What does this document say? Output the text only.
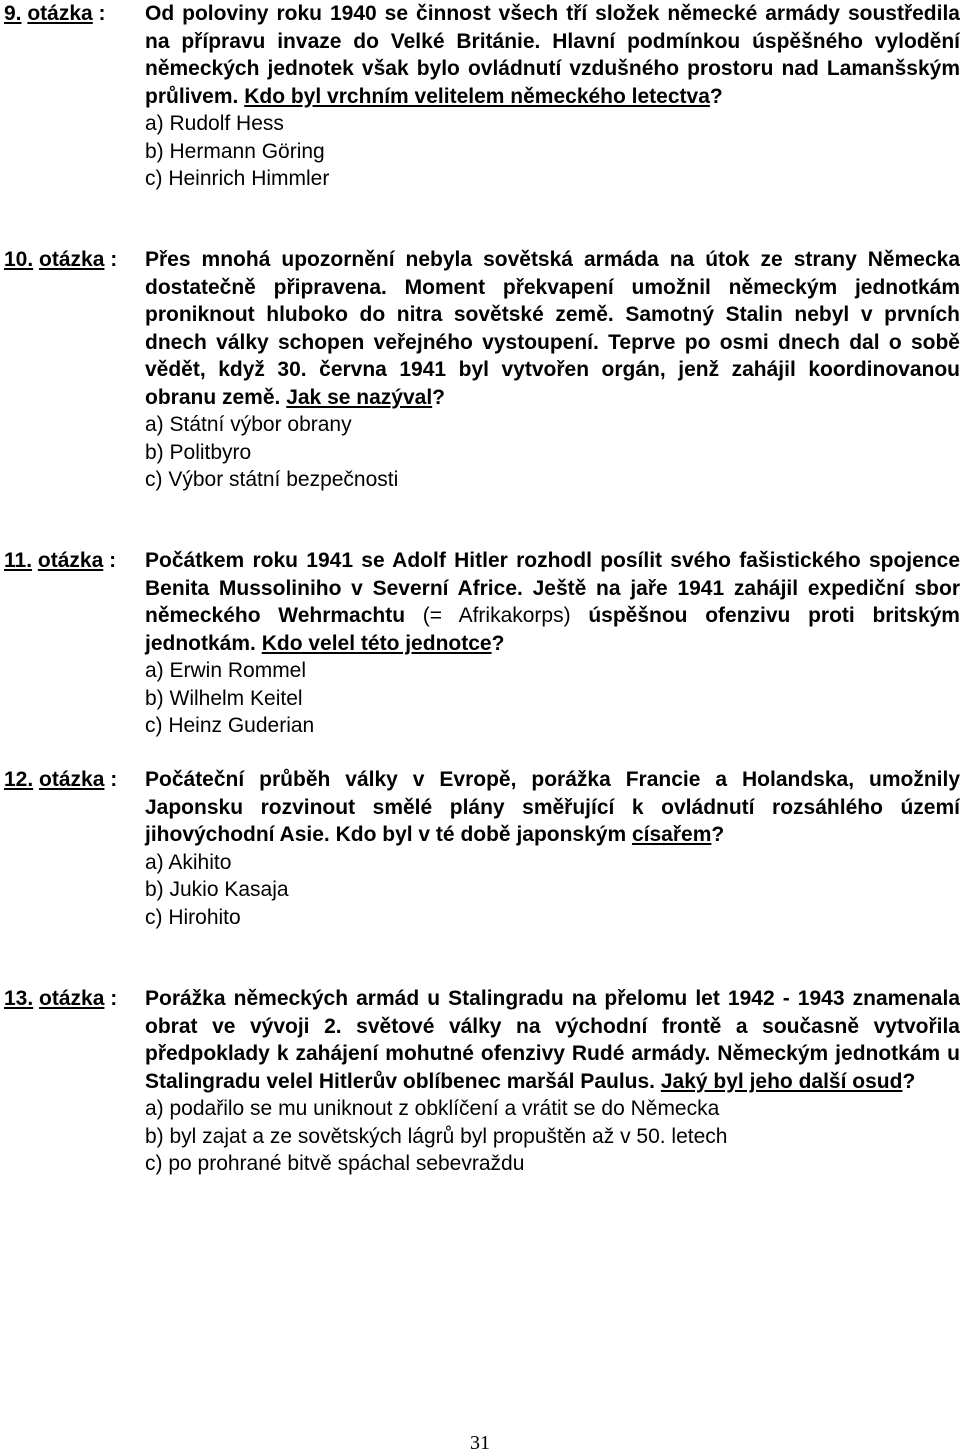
9. otázka :	Od poloviny roku 1940 se činnost všech tří složek německé armády soustředila na přípravu invaze do Velké Británie. Hlavní podmínkou úspěšného vylodění německých jednotek však bylo ovládnutí vzdušného prostoru nad Lamanšským průlivem. Kdo byl vrchním velitelem německého letectva?

a) Rudolf Hess
b) Hermann Göring
c) Heinrich Himmler
10. otázka :	Přes mnohá upozornění nebyla sovětská armáda na útok ze strany Německa dostatečně připravena. Moment překvapení umožnil německým jednotkám proniknout hluboko do nitra sovětské země. Samotný Stalin nebyl v prvních dnech války schopen veřejného vystoupení. Teprve po osmi dnech dal o sobě vědět, když 30. června 1941 byl vytvořen orgán, jenž zahájil koordinovanou obranu země. Jak se nazýval?

a) Státní výbor obrany
b) Politbyro
c) Výbor státní bezpečnosti
11. otázka :	Počátkem roku 1941 se Adolf Hitler rozhodl posílit svého fašistického spojence Benita Mussoliniho v Severní Africe. Ještě na jaře 1941 zahájil expediční sbor německého Wehrmachtu (= Afrikakorps) úspěšnou ofenzivu proti britským jednotkám. Kdo velel této jednotce?

a) Erwin Rommel
b) Wilhelm Keitel
c) Heinz Guderian
12. otázka :	Počáteční průběh války v Evropě, porážka Francie a Holandska, umožnily Japonsku rozvinout smělé plány směřující k ovládnutí rozsáhlého území jihovýchodní Asie. Kdo byl v té době japonským císařem?

a) Akihito
b) Jukio Kasaja
c) Hirohito
13. otázka :	Porážka německých armád u Stalingradu na přelomu let 1942 - 1943 znamenala obrat ve vývoji 2. světové války na východní frontě a současně vytvořila předpoklady k zahájení mohutné ofenzivy Rudé armády. Německým jednotkám u Stalingradu velel Hitlerův oblíbenec maršál Paulus. Jaký byl jeho další osud?

a) podařilo se mu uniknout z obklíčení a vrátit se do Německa
b) byl zajat a ze sovětských lágrů byl propuštěn až v 50. letech
c) po prohrané bitvě spáchal sebevraždu
31
